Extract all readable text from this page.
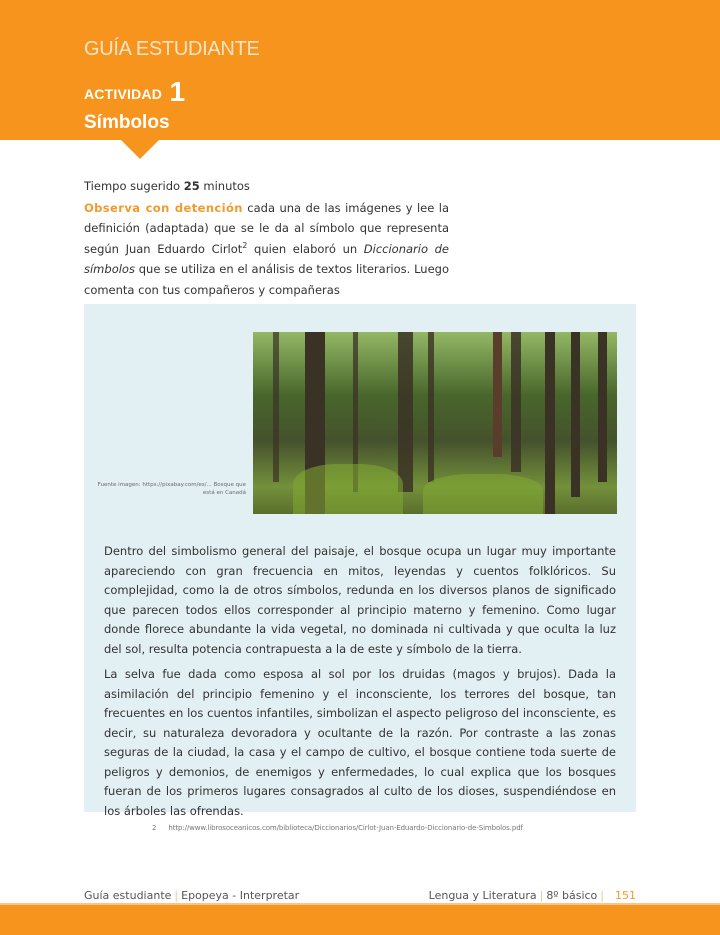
GUÍA ESTUDIANTE
ACTIVIDAD 1
Símbolos
Tiempo sugerido 25 minutos

Observa con detención cada una de las imágenes y lee la definición (adaptada) que se le da al símbolo que representa según Juan Eduardo Cirlot$^2$ quien elaboró un Diccionario de símbolos que se utiliza en el análisis de textos literarios. Luego comenta con tus compañeros y compañeras

Fuente imagen: https://pixabay.com/es/... Bosque que está en Canadá

Dentro del simbolismo general del paisaje, el bosque ocupa un lugar muy importante apareciendo con gran frecuencia en mitos, leyendas y cuentos folklóricos. Su complejidad, como la de otros símbolos, redunda en los diversos planos de significado que parecen todos ellos corresponder al principio materno y femenino. Como lugar donde florece abundante la vida vegetal, no dominada ni cultivada y que oculta la luz del sol, resulta potencia contrapuesta a la de este y símbolo de la tierra.

La selva fue dada como esposa al sol por los druidas (magos y brujos). Dada la asimilación del principio femenino y el inconsciente, los terrores del bosque, tan frecuentes en los cuentos infantiles, simbolizan el aspecto peligroso del inconsciente, es decir, su naturaleza devoradora y ocultante de la razón. Por contraste a las zonas seguras de la ciudad, la casa y el campo de cultivo, el bosque contiene toda suerte de peligros y demonios, de enemigos y enfermedades, lo cual explica que los bosques fueran de los primeros lugares consagrados al culto de los dioses, suspendiéndose en los árboles las ofrendas.

2 http://www.librosoceanicos.com/biblioteca/Diccionarios/Cirlot-Juan-Eduardo-Diccionario-de-Simbolos.pdf
Guía estudiante | Epopeya - Interpretar	Lengua y Literatura | 8º básico | 151
